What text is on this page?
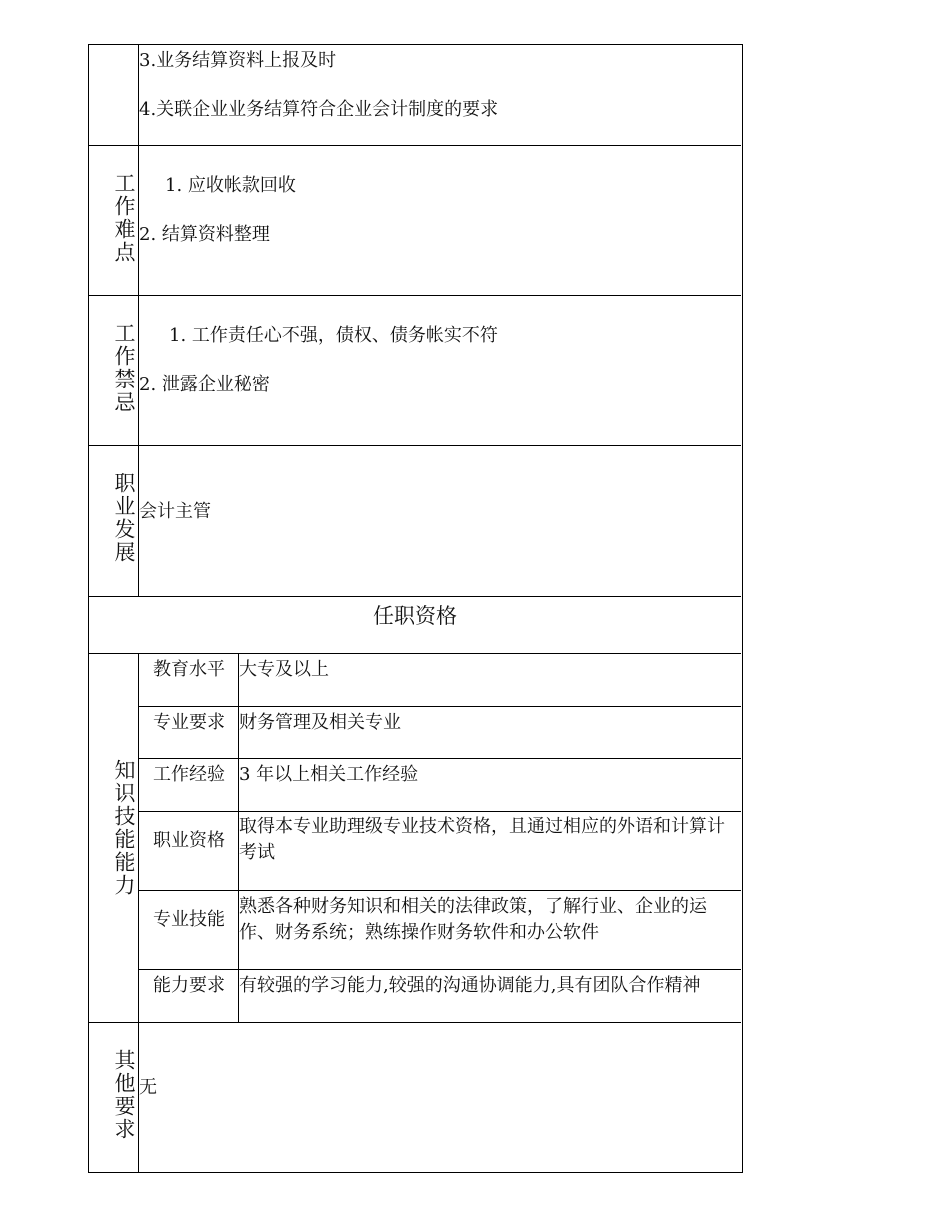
3.业务结算资料上报及时
4.关联企业业务结算符合企业会计制度的要求
工作难点 1. 应收帐款回收
2. 结算资料整理
工作禁忌 1. 工作责任心不强，债权、债务帐实不符
2. 泄露企业秘密
职业发展 会计主管
任职资格
知识技能能力
教育水平 大专及以上
专业要求 财务管理及相关专业
工作经验 3 年以上相关工作经验
职业资格
取得本专业助理级专业技术资格，且通过相应的外语和计算计考试
专业技能
熟悉各种财务知识和相关的法律政策，了解行业、企业的运作、财务系统；熟练操作财务软件和办公软件
能力要求 有较强的学习能力,较强的沟通协调能力,具有团队合作精神
其他要求 无
